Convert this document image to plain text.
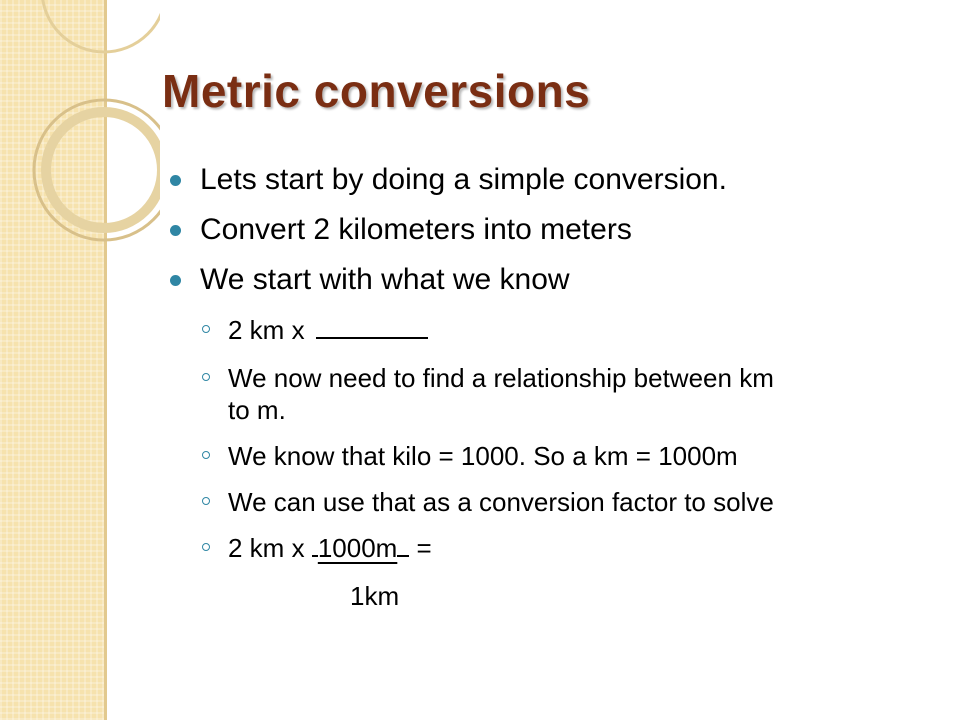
Metric conversions
Lets start by doing a simple conversion.
Convert 2 kilometers into meters
We start with what we know
2 km x
We now need to find a relationship between km
to m.
We know that kilo = 1000. So a km = 1000m
We can use that as a conversion factor to solve
2 km x 1000m =
1km
